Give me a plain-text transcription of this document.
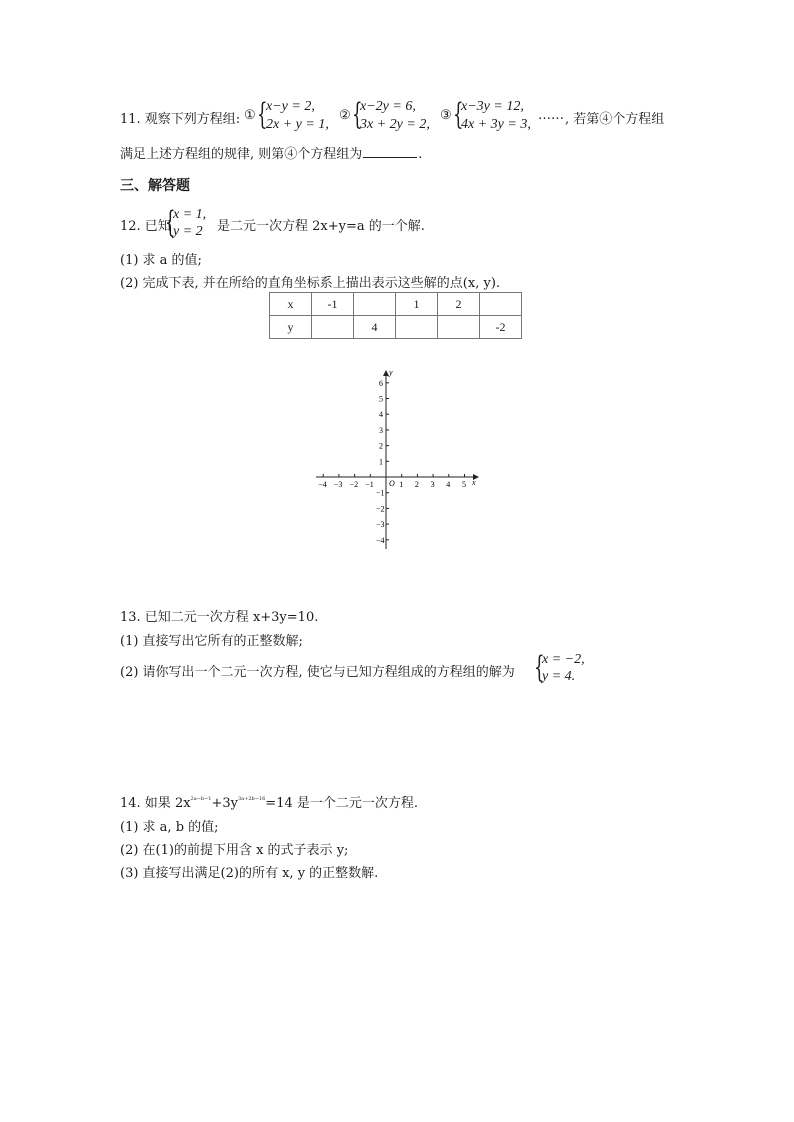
11. 观察下列方程组: ① {
x−y = 2,
2x + y = 1,
② {
x−2y = 6,
3x + 2y = 2,
③ {
x−3y = 12,
4x + 3y = 3,
…… , 若第④个方程组
满足上述方程组的规律, 则第④个方程组为	.
三、解答题
12. 已知
{
x = 1,
y = 2 是二元一次方程 2x+y=a 的一个解.
(1) 求 a 的值;
(2) 完成下表, 并在所给的直角坐标系上描出表示这些解的点(x, y).
x	-1		1	2	
y		4			-2
−4 −3 −2 −1	1 2 3 4 5
6
5
4
3
2
1
−1
−2
−3
−4
x
y
O
13. 已知二元一次方程 x+3y=10.
(1) 直接写出它所有的正整数解;
(2) 请你写出一个二元一次方程, 使它与已知方程组成的方程组的解为 {
x = −2,
y = 4.
14. 如果 $2x^{2a-b-1}+3y^{3a+2b-16}=14$ 是一个二元一次方程.
(1) 求 a, b 的值;
(2) 在(1)的前提下用含 x 的式子表示 y;
(3) 直接写出满足(2)的所有 x, y 的正整数解.
